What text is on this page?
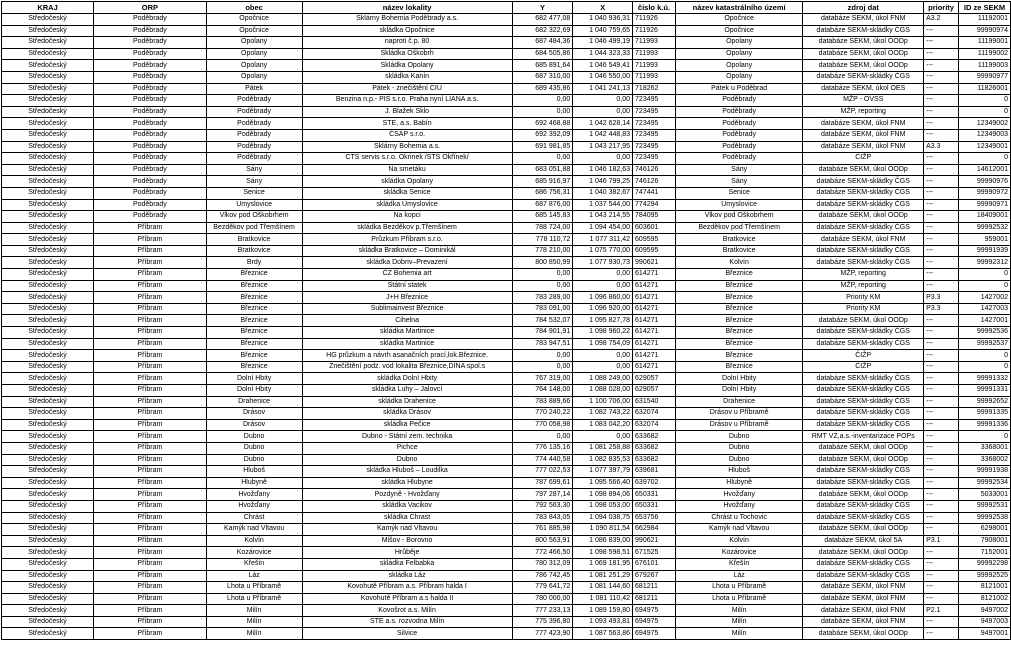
KRAJ	ORP	obec	název lokality	Y	X	číslo k.ú.	název katastrálního území	zdroj dat	priority	ID ze SEKM
Středočeský	Poděbrady	Opočnice	Sklárny Bohemia Poděbrady a.s.	682 477,08	1 040 936,31	711926	Opočnice	databáze SEKM, úkol FNM	A3.2	11192001
Středočeský	Poděbrady	Opočnice	skládka Opočnice	682 322,69	1 040 759,65	711926	Opočnice	databáze SEKM-skládky ČGS	---	99990974
Středočeský	Poděbrady	Opolany	naproti č.p. 80	687 484,36	1 046 499,19	711993	Opolany	databáze SEKM, úkol OODp	---	11199001
Středočeský	Poděbrady	Opolany	Skládka Oškobrh	684 505,86	1 044 323,33	711993	Opolany	databáze SEKM, úkol OODp	---	11199002
Středočeský	Poděbrady	Opolany	Skládka Opolany	685 891,64	1 046 549,41	711993	Opolany	databáze SEKM, úkol OODp	---	11199003
Středočeský	Poděbrady	Opolany	skládka Kanín	687 310,00	1 046 550,00	711993	Opolany	databáze SEKM-skládky ČGS	---	99990977
Středočeský	Poděbrady	Pátek	Pátek - znečištění CIU	689 435,86	1 041 241,13	718262	Pátek u Poděbrad	databáze SEKM, úkol OES	---	11826001
Středočeský	Poděbrady	Poděbrady	Benzina n.p.- PIS s.r.o. Praha nyní LIANA a.s.	0,00	0,00	723495	Poděbrady	MŽP - OVSS	---	0
Středočeský	Poděbrady	Poděbrady	J. Blažek Sklo	0,00	0,00	723495	Poděbrady	MŽP, reporting	---	0
Středočeský	Poděbrady	Poděbrady	STE, a.s. Babín	692 468,88	1 042 628,14	723495	Poděbrady	databáze SEKM, úkol FNM	---	12349002
Středočeský	Poděbrady	Poděbrady	ČSAP s.r.o.	692 392,09	1 042 448,83	723495	Poděbrady	databáze SEKM, úkol FNM	---	12349003
Středočeský	Poděbrady	Poděbrady	Sklárny Bohemia a.s.	691 981,85	1 043 217,95	723495	Poděbrady	databáze SEKM, úkol FNM	A3.3	12349001
Středočeský	Poděbrady	Poděbrady	CTS servis s.r.o. Okrinek /STS Okřínek/	0,00	0,00	723495	Poděbrady	ČIŽP	---	0
Středočeský	Poděbrady	Sány	Na smetáku	683 051,88	1 046 182,63	746126	Sány	databáze SEKM, úkol OODp	---	14612001
Středočeský	Poděbrady	Sány	skládka Opolany	685 916,97	1 046 799,25	746126	Sány	databáze SEKM-skládky ČGS	---	99990976
Středočeský	Poděbrady	Senice	skládka Senice	686 756,31	1 040 382,67	747441	Senice	databáze SEKM-skládky ČGS	---	99990972
Středočeský	Poděbrady	Úmyslovice	skládka Úmyslovice	687 876,00	1 037 544,00	774294	Úmyslovice	databáze SEKM-skládky ČGS	---	99990971
Středočeský	Poděbrady	Vlkov pod Oškobrhem	Na kopci	685 145,83	1 043 214,55	784095	Vlkov pod Oškobrhem	databáze SEKM, úkol OODp	---	18409001
Středočeský	Příbram	Bezděkov pod Třemšínem	skládka Bezděkov p.Třemšínem	788 724,00	1 094 454,00	603601	Bezděkov pod Třemšínem	databáze SEKM-skládky ČGS	---	99992532
Středočeský	Příbram	Bratkovice	Průzkum Příbram s.r.o.	778 110,72	1 077 311,42	609595	Bratkovice	databáze SEKM, úkol FNM	---	959001
Středočeský	Příbram	Bratkovice	skládka Bratkovice – Dominikál	778 210,00	1 075 770,00	609595	Bratkovice	databáze SEKM-skládky ČGS	---	99991939
Středočeský	Příbram	Brdy	skládka Dobriv–Prevazení	800 850,99	1 077 930,73	990621	Kolvín	databáze SEKM-skládky ČGS	---	99992312
Středočeský	Příbram	Březnice	ČZ Bohemia art	0,00	0,00	614271	Březnice	MŽP, reporting	---	0
Středočeský	Příbram	Březnice	Státní statek	0,00	0,00	614271	Březnice	MŽP, reporting	---	0
Středočeský	Příbram	Březnice	J+H Březnice	783 289,00	1 096 860,00	614271	Březnice	Priority KM	P3.3	1427002
Středočeský	Příbram	Březnice	Sublimainvest Březnice	783 091,00	1 096 920,00	614271	Březnice	Priority KM	P3.3	1427003
Středočeský	Příbram	Březnice	Cihelna	784 532,07	1 095 827,78	614271	Březnice	databáze SEKM, úkol OODp	---	1427001
Středočeský	Příbram	Březnice	skládka Martinice	784 901,91	1 098 960,22	614271	Březnice	databáze SEKM-skládky ČGS	---	99992536
Středočeský	Příbram	Březnice	skládka Martinice	783 947,51	1 098 754,09	614271	Březnice	databáze SEKM-skládky ČGS	---	99992537
Středočeský	Příbram	Březnice	HG průzkum a návrh asanačních prací,lok.Březnice.	0,00	0,00	614271	Březnice	ČIŽP	---	0
Středočeský	Příbram	Březnice	Znečištění podz. vod lokalita Březnice,DINA spol.s	0,00	0,00	614271	Březnice	ČIŽP	---	0
Středočeský	Příbram	Dolní Hbity	skládka Dolní Hbity	767 319,00	1 088 249,00	629057	Dolní Hbity	databáze SEKM-skládky ČGS	---	99991332
Středočeský	Příbram	Dolní Hbity	skládka Luhy – Jalovcí	764 148,00	1 088 028,00	629057	Dolní Hbity	databáze SEKM-skládky ČGS	---	99991331
Středočeský	Příbram	Drahenice	skládka Drahenice	783 889,66	1 100 706,00	631540	Drahenice	databáze SEKM-skládky ČGS	---	99992652
Středočeský	Příbram	Drásov	skládka Drásov	770 240,22	1 082 743,22	632074	Drásov u Příbramě	databáze SEKM-skládky ČGS	---	99991335
Středočeský	Příbram	Drásov	skládka Pečice	770 058,98	1 083 042,20	632074	Drásov u Příbramě	databáze SEKM-skládky ČGS	---	99991336
Středočeský	Příbram	Dubno	Dubno - Státní zem. technika	0,00	0,00	633682	Dubno	RMT VZ,a.s.-inventarizace POPs	---	0
Středočeský	Příbram	Dubno	Pichce	776 135,16	1 081 258,88	633682	Dubno	databáze SEKM, úkol OODp	---	3368001
Středočeský	Příbram	Dubno	Dubno	774 440,58	1 082 835,53	633682	Dubno	databáze SEKM, úkol OODp	---	3368002
Středočeský	Příbram	Hluboš	skládka Hluboš – Loudilka	777 022,53	1 077 397,79	639681	Hluboš	databáze SEKM-skládky ČGS	---	99991938
Středočeský	Příbram	Hlubyně	skládka Hlubyne	787 699,61	1 095 566,40	639702	Hlubyně	databáze SEKM-skládky ČGS	---	99992534
Středočeský	Příbram	Hvožďany	Pozdyně - Hvožďany	797 287,14	1 098 894,06	650331	Hvožďany	databáze SEKM, úkol OODp	---	5033001
Středočeský	Příbram	Hvožďany	skládka Vacikov	792 563,30	1 098 053,00	650331	Hvožďany	databáze SEKM-skládky ČGS	---	99992531
Středočeský	Příbram	Chrást	skládka Chrast	783 843,05	1 094 038,75	653756	Chrást u Tochovic	databáze SEKM-skládky ČGS	---	99992538
Středočeský	Příbram	Kamýk nad Vltavou	Kamýk nad Vltavou	761 885,98	1 090 811,54	662984	Kamýk nad Vltavou	databáze SEKM, úkol OODp	---	6298001
Středočeský	Příbram	Kolvín	Mišov - Borovno	800 563,91	1 086 839,00	990621	Kolvín	databáze SEKM, úkol 5A	P3.1	7908001
Středočeský	Příbram	Kozárovice	Hrůběje	772 466,50	1 098 598,51	671525	Kozárovice	databáze SEKM, úkol OODp	---	7152001
Středočeský	Příbram	Křešín	skládka Felbabka	780 312,09	1 069 181,95	676101	Křešín	databáze SEKM-skládky ČGS	---	99992298
Středočeský	Příbram	Láz	skládka Láz	786 742,45	1 081 251,29	679267	Láz	databáze SEKM-skládky ČGS	---	99992525
Středočeský	Příbram	Lhota u Příbramě	Kovohutě Příbram a.s. Příbram halda I	779 641,72	1 081 144,60	681211	Lhota u Příbramě	databáze SEKM, úkol FNM	---	8121001
Středočeský	Příbram	Lhota u Příbramě	Kovohutě Příbram a.s halda II	780 000,00	1 081 110,42	681211	Lhota u Příbramě	databáze SEKM, úkol FNM	---	8121002
Středočeský	Příbram	Milín	Kovošrot a.s. Milín	777 233,13	1 089 159,80	694975	Milín	databáze SEKM, úkol FNM	P2.1	9497002
Středočeský	Příbram	Milín	STE a.s. rozvodna Milín	775 396,80	1 093 493,81	694975	Milín	databáze SEKM, úkol FNM	---	9497003
Středočeský	Příbram	Milín	Silvice	777 423,90	1 087 563,86	694975	Milín	databáze SEKM, úkol OODp	---	9497001
